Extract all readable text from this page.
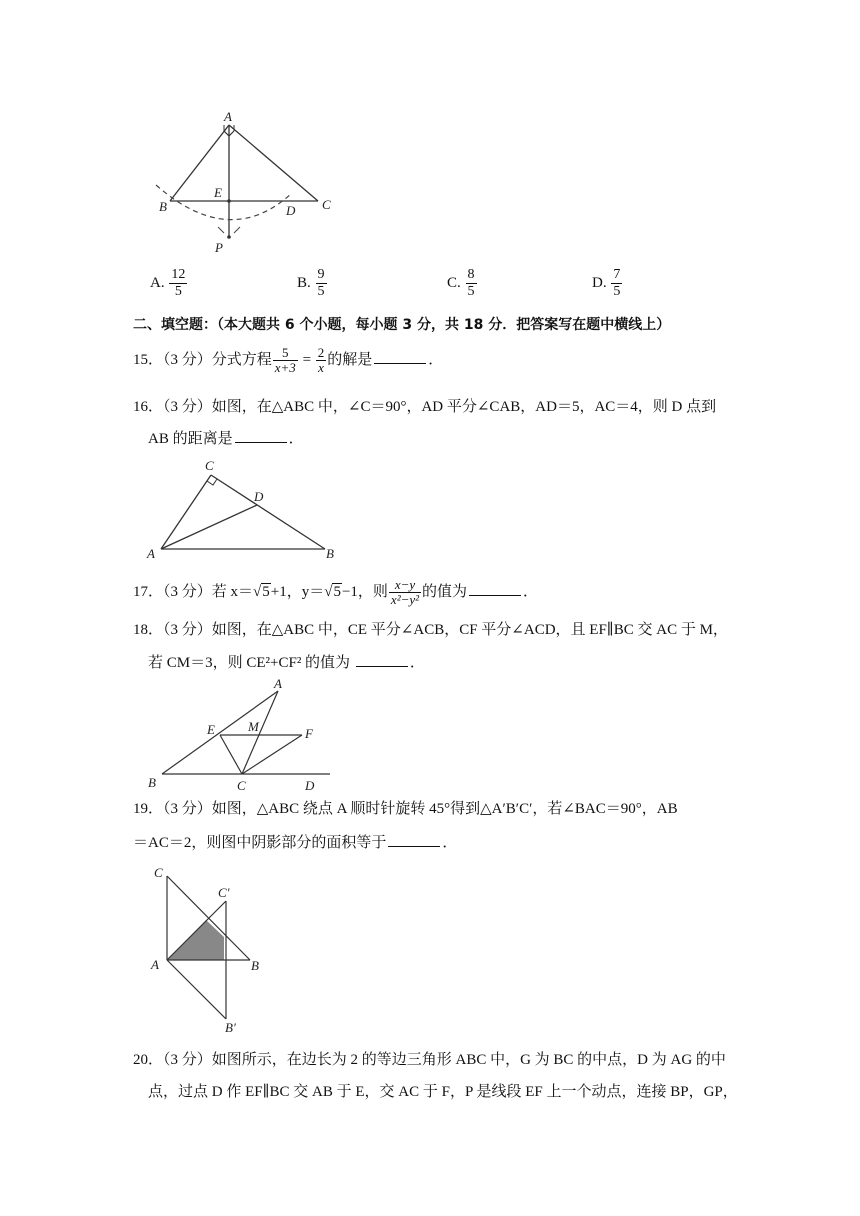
A
B	C
D
E
P
A. $\frac{12}{5}$	B. $\frac{9}{5}$	C. $\frac{8}{5}$	D. $\frac{7}{5}$
二、填空题：（本大题共 6 个小题，每小题 3 分，共 18 分．把答案写在题中横线上）
15．（3 分）分式方程 $\frac{5}{x+3} = \frac{2}{x}$ 的解是	．
16．（3 分）如图，在△ABC 中，∠C＝90°，AD 平分∠CAB，AD＝5，AC＝4，则 D 点到
AB 的距离是	．
C
D
A	B
17．（3 分）若 x＝√5+1，y＝√5−1，则 $\frac{x-y}{\text{x²−y²}}$ 的值为	．
18．（3 分）如图，在△ABC 中，CE 平分∠ACB，CF 平分∠ACD，且 EF∥BC 交 AC 于 M，
若 CM＝3，则 CE²+CF² 的值为	．
A
E	M	F
B	C	D
19．（3 分）如图，△ABC 绕点 A 顺时针旋转 45°得到△A′B′C′，若∠BAC＝90°，AB
＝AC＝2，则图中阴影部分的面积等于	．
C
C′
A	B
B′
20．（3 分）如图所示，在边长为 2 的等边三角形 ABC 中，G 为 BC 的中点，D 为 AG 的中
点，过点 D 作 EF∥BC 交 AB 于 E，交 AC 于 F，P 是线段 EF 上一个动点，连接 BP，GP，
